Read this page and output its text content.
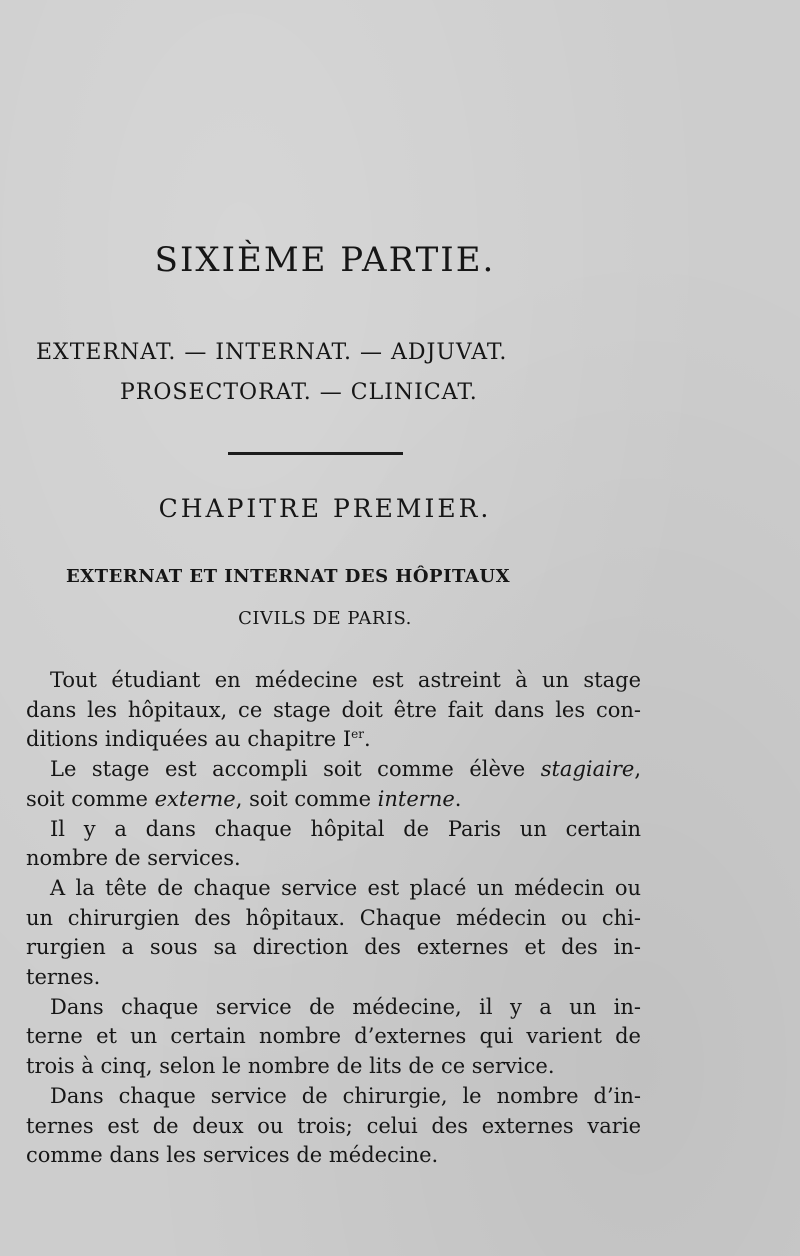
SIXIÈME PARTIE.
EXTERNAT. — INTERNAT. — ADJUVAT.
PROSECTORAT. — CLINICAT.
CHAPITRE PREMIER.
EXTERNAT ET INTERNAT DES HÔPITAUX
CIVILS DE PARIS.
Tout étudiant en médecine est astreint à un stage
dans les hôpitaux, ce stage doit être fait dans les con-
ditions indiquées au chapitre Ier.
Le stage est accompli soit comme élève stagiaire,
soit comme externe, soit comme interne.
Il y a dans chaque hôpital de Paris un certain
nombre de services.
A la tête de chaque service est placé un médecin ou
un chirurgien des hôpitaux. Chaque médecin ou chi-
rurgien a sous sa direction des externes et des in-
ternes.
Dans chaque service de médecine, il y a un in-
terne et un certain nombre d’externes qui varient de
trois à cinq, selon le nombre de lits de ce service.
Dans chaque service de chirurgie, le nombre d’in-
ternes est de deux ou trois; celui des externes varie
comme dans les services de médecine.
